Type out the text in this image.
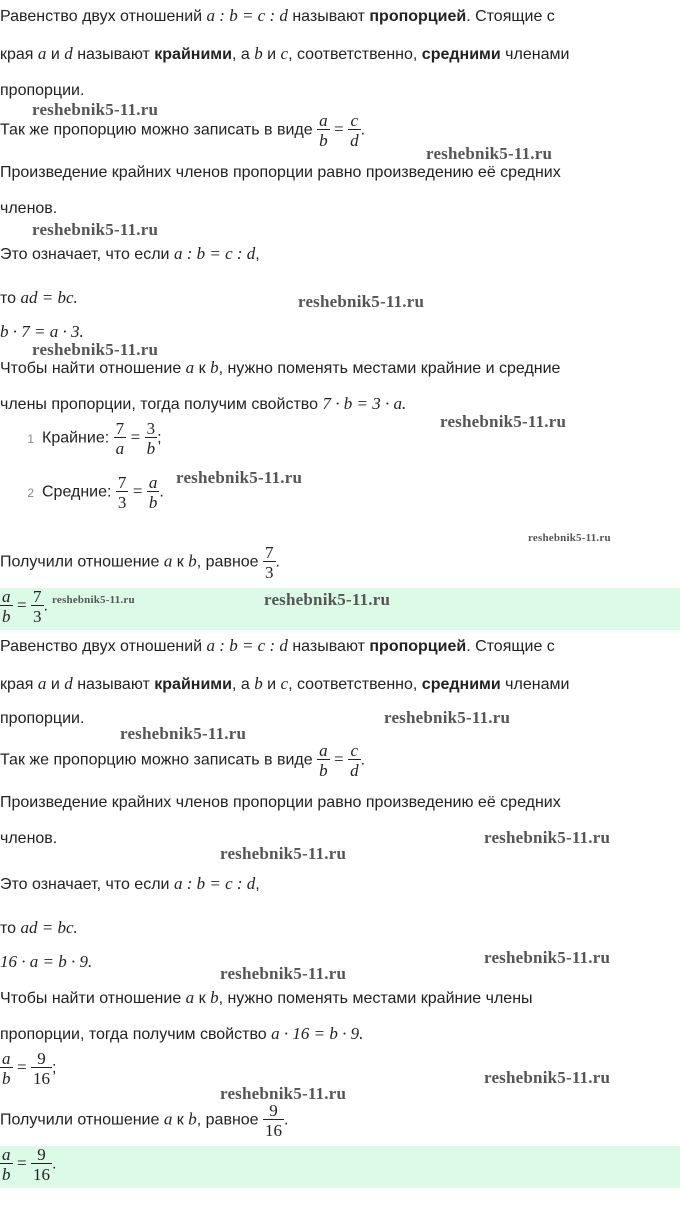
Равенство двух отношений a : b = c : d называют пропорцией. Стоящие с
края a и d называют крайними, а b и c, соответственно, средними членами
пропорции.
reshebnik5-11.ru
Так же пропорцию можно записать в виде $\frac{a}{b} = \frac{c}{d}$ .
reshebnik5-11.ru
Произведение крайних членов пропорции равно произведению её средних
членов.
reshebnik5-11.ru
Это означает, что если a : b = c : d,
то ad = bc.	reshebnik5-11.ru
b · 7 = a · 3.
reshebnik5-11.ru
Чтобы найти отношение a к b, нужно поменять местами крайние и средние
члены пропорции, тогда получим свойство 7 · b = 3 · a.
reshebnik5-11.ru
1 Крайние: $\frac{7}{a} = \frac{3}{b}$ ;
reshebnik5-11.ru
2 Средние: $\frac{7}{3} = \frac{a}{b}$ .
reshebnik5-11.ru
Получили отношение a к b, равное $\frac{7}{3}$ .
$\frac{a}{b} = \frac{7}{3}$ . reshebnik5-11.ru	reshebnik5-11.ru
Равенство двух отношений a : b = c : d называют пропорцией. Стоящие с
края a и d называют крайними, а b и c, соответственно, средними членами
пропорции.	reshebnik5-11.ru
reshebnik5-11.ru
Так же пропорцию можно записать в виде $\frac{a}{b} = \frac{c}{d}$ .
Произведение крайних членов пропорции равно произведению её средних
членов.	reshebnik5-11.ru
reshebnik5-11.ru
Это означает, что если a : b = c : d,
то ad = bc.
16 · a = b · 9.	reshebnik5-11.ru
reshebnik5-11.ru
Чтобы найти отношение a к b, нужно поменять местами крайние члены
пропорции, тогда получим свойство a · 16 = b · 9.
$\frac{a}{b} = \frac{9}{16}$ ;	reshebnik5-11.ru
reshebnik5-11.ru
Получили отношение a к b, равное $\frac{9}{16}$ .
$\frac{a}{b} = \frac{9}{16}$ .
